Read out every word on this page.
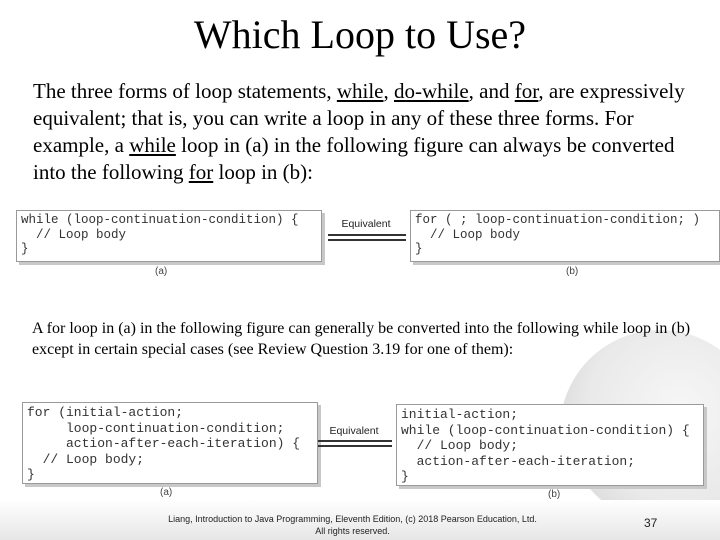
Which Loop to Use?
The three forms of loop statements, while, do-while, and for, are expressively equivalent; that is, you can write a loop in any of these three forms. For example, a while loop in (a) in the following figure can always be converted into the following for loop in (b):
while (loop-continuation-condition) {
// Loop body
}
Equivalent	for ( ; loop-continuation-condition; )
// Loop body
}
(a)	(b)
A for loop in (a) in the following figure can generally be converted into the following while loop in (b) except in certain special cases (see Review Question 3.19 for one of them):
for (initial-action;
loop-continuation-condition;
action-after-each-iteration) {
// Loop body;
}
Equivalent
initial-action;
while (loop-continuation-condition) {
// Loop body;
action-after-each-iteration;
}
(a)	(b)
Liang, Introduction to Java Programming, Eleventh Edition, (c) 2018 Pearson Education, Ltd.
All rights reserved.
37
